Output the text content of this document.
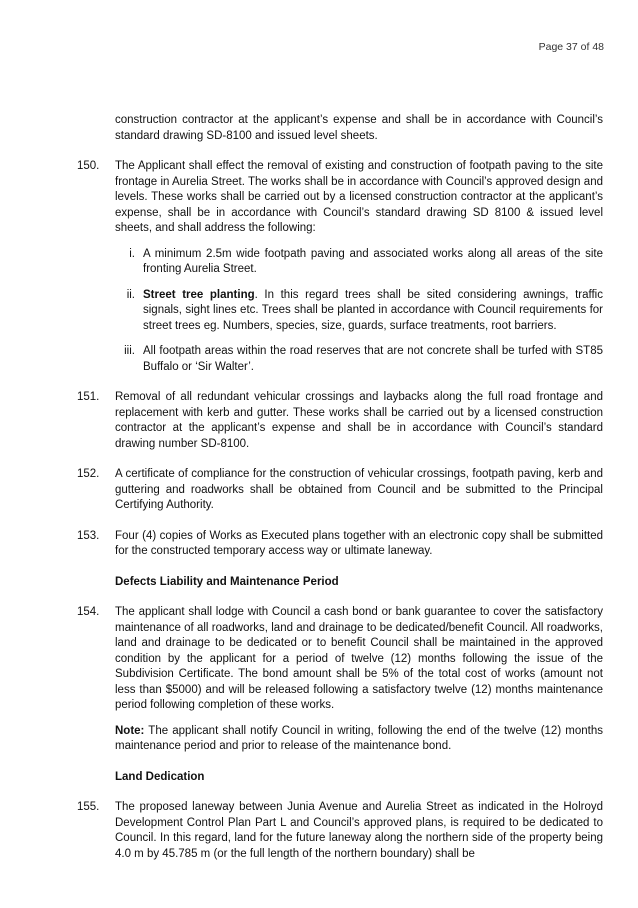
Page 37 of 48

construction contractor at the applicant’s expense and shall be in accordance with Council’s standard drawing SD-8100 and issued level sheets.

150. The Applicant shall effect the removal of existing and construction of footpath paving to the site frontage in Aurelia Street. The works shall be in accordance with Council’s approved design and levels. These works shall be carried out by a licensed construction contractor at the applicant’s expense, shall be in accordance with Council’s standard drawing SD 8100 & issued level sheets, and shall address the following:
i. A minimum 2.5m wide footpath paving and associated works along all areas of the site fronting Aurelia Street.
ii. Street tree planting. In this regard trees shall be sited considering awnings, traffic signals, sight lines etc. Trees shall be planted in accordance with Council requirements for street trees eg. Numbers, species, size, guards, surface treatments, root barriers.
iii. All footpath areas within the road reserves that are not concrete shall be turfed with ST85 Buffalo or ‘Sir Walter’.
151. Removal of all redundant vehicular crossings and laybacks along the full road frontage and replacement with kerb and gutter. These works shall be carried out by a licensed construction contractor at the applicant’s expense and shall be in accordance with Council’s standard drawing number SD-8100.
152. A certificate of compliance for the construction of vehicular crossings, footpath paving, kerb and guttering and roadworks shall be obtained from Council and be submitted to the Principal Certifying Authority.
153. Four (4) copies of Works as Executed plans together with an electronic copy shall be submitted for the constructed temporary access way or ultimate laneway.
Defects Liability and Maintenance Period
154. The applicant shall lodge with Council a cash bond or bank guarantee to cover the satisfactory maintenance of all roadworks, land and drainage to be dedicated/benefit Council. All roadworks, land and drainage to be dedicated or to benefit Council shall be maintained in the approved condition by the applicant for a period of twelve (12) months following the issue of the Subdivision Certificate. The bond amount shall be 5% of the total cost of works (amount not less than $5000) and will be released following a satisfactory twelve (12) months maintenance period following completion of these works.

Note: The applicant shall notify Council in writing, following the end of the twelve (12) months maintenance period and prior to release of the maintenance bond.

Land Dedication
155. The proposed laneway between Junia Avenue and Aurelia Street as indicated in the Holroyd Development Control Plan Part L and Council’s approved plans, is required to be dedicated to Council. In this regard, land for the future laneway along the northern side of the property being 4.0 m by 45.785 m (or the full length of the northern boundary) shall be
